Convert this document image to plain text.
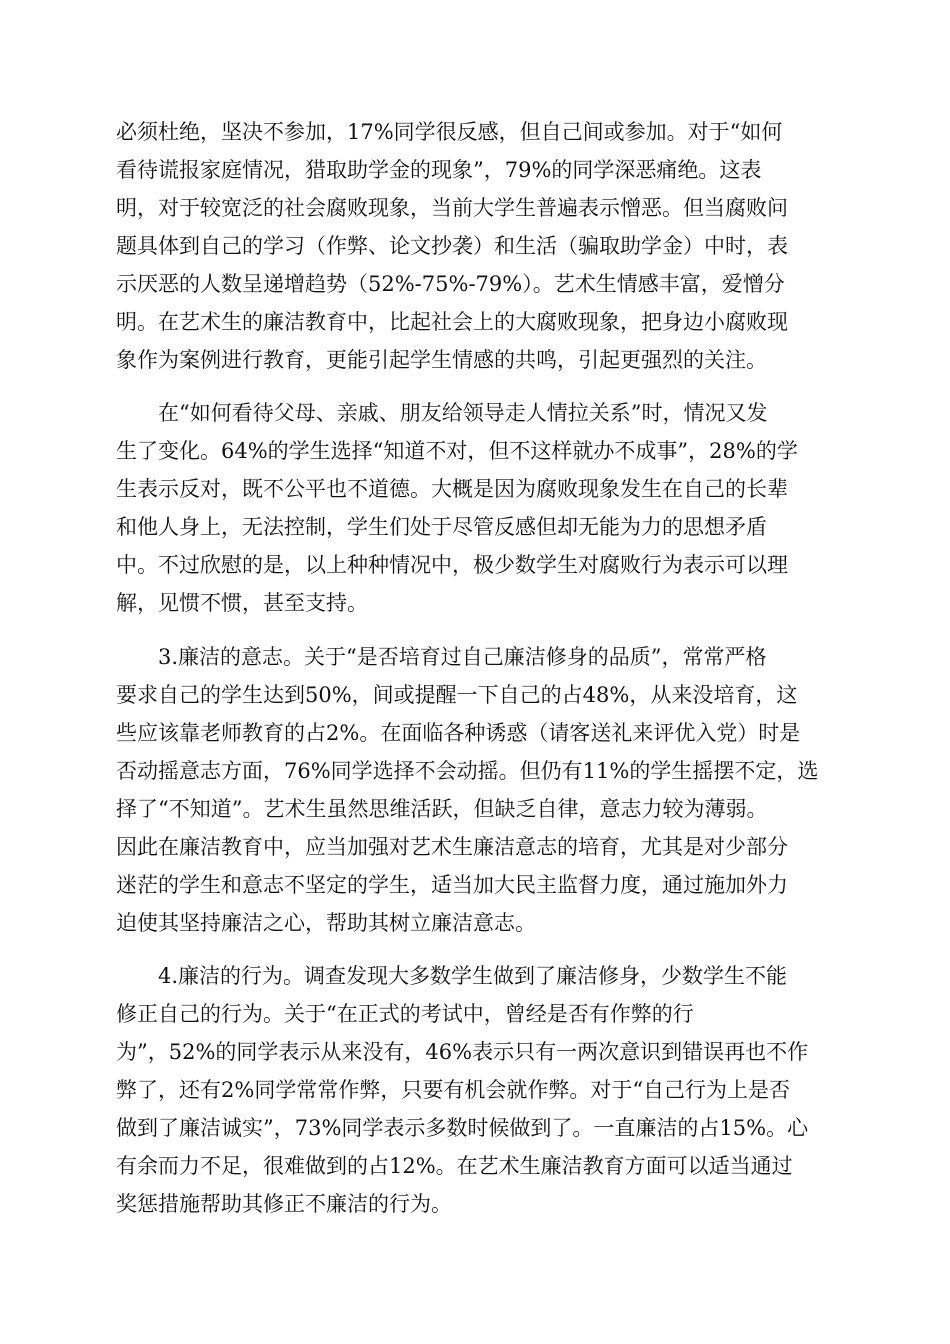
必须杜绝，坚决不参加，17%同学很反感，但自己间或参加。对于“如何
看待谎报家庭情况，猎取助学金的现象”，79%的同学深恶痛绝。这表
明，对于较宽泛的社会腐败现象，当前大学生普遍表示憎恶。但当腐败问
题具体到自己的学习（作弊、论文抄袭）和生活（骗取助学金）中时，表
示厌恶的人数呈递增趋势（52%-75%-79%）。艺术生情感丰富，爱憎分
明。在艺术生的廉洁教育中，比起社会上的大腐败现象，把身边小腐败现
象作为案例进行教育，更能引起学生情感的共鸣，引起更强烈的关注。
在“如何看待父母、亲戚、朋友给领导走人情拉关系”时，情况又发
生了变化。64%的学生选择“知道不对，但不这样就办不成事”，28%的学
生表示反对，既不公平也不道德。大概是因为腐败现象发生在自己的长辈
和他人身上，无法控制，学生们处于尽管反感但却无能为力的思想矛盾
中。不过欣慰的是，以上种种情况中，极少数学生对腐败行为表示可以理
解，见惯不惯，甚至支持。
3.廉洁的意志。关于“是否培育过自己廉洁修身的品质”，常常严格
要求自己的学生达到50%，间或提醒一下自己的占48%，从来没培育，这
些应该靠老师教育的占2%。在面临各种诱惑（请客送礼来评优入党）时是
否动摇意志方面，76%同学选择不会动摇。但仍有11%的学生摇摆不定，选
择了“不知道”。艺术生虽然思维活跃，但缺乏自律，意志力较为薄弱。
因此在廉洁教育中，应当加强对艺术生廉洁意志的培育，尤其是对少部分
迷茫的学生和意志不坚定的学生，适当加大民主监督力度，通过施加外力
迫使其坚持廉洁之心，帮助其树立廉洁意志。
4.廉洁的行为。调查发现大多数学生做到了廉洁修身，少数学生不能
修正自己的行为。关于“在正式的考试中，曾经是否有作弊的行
为”，52%的同学表示从来没有，46%表示只有一两次意识到错误再也不作
弊了，还有2%同学常常作弊，只要有机会就作弊。对于“自己行为上是否
做到了廉洁诚实”，73%同学表示多数时候做到了。一直廉洁的占15%。心
有余而力不足，很难做到的占12%。在艺术生廉洁教育方面可以适当通过
奖惩措施帮助其修正不廉洁的行为。
